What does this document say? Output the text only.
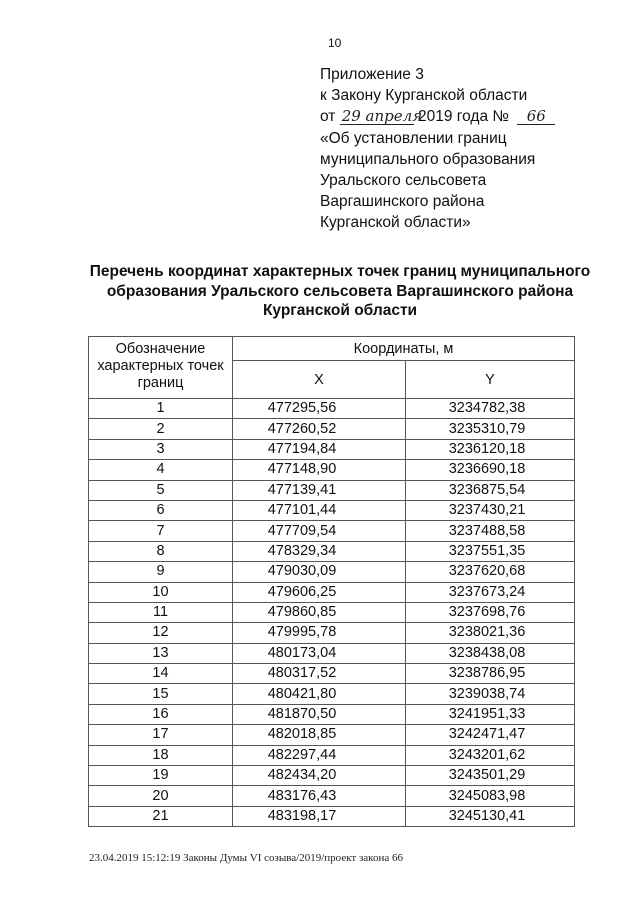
10
Приложение 3
к Закону Курганской области
от 29 апреля 2019 года № 66
«Об установлении границ
муниципального образования
Уральского сельсовета
Варгашинского района
Курганской области»
Перечень координат характерных точек границ муниципального образования Уральского сельсовета Варгашинского района Курганской области
Обозначение характерных точек границ	Координаты, м	
	X	Y
1	477295,56	3234782,38
2	477260,52	3235310,79
3	477194,84	3236120,18
4	477148,90	3236690,18
5	477139,41	3236875,54
6	477101,44	3237430,21
7	477709,54	3237488,58
8	478329,34	3237551,35
9	479030,09	3237620,68
10	479606,25	3237673,24
11	479860,85	3237698,76
12	479995,78	3238021,36
13	480173,04	3238438,08
14	480317,52	3238786,95
15	480421,80	3239038,74
16	481870,50	3241951,33
17	482018,85	3242471,47
18	482297,44	3243201,62
19	482434,20	3243501,29
20	483176,43	3245083,98
21	483198,17	3245130,41
23.04.2019 15:12:19 Законы Думы VI созыва/2019/проект закона 66
